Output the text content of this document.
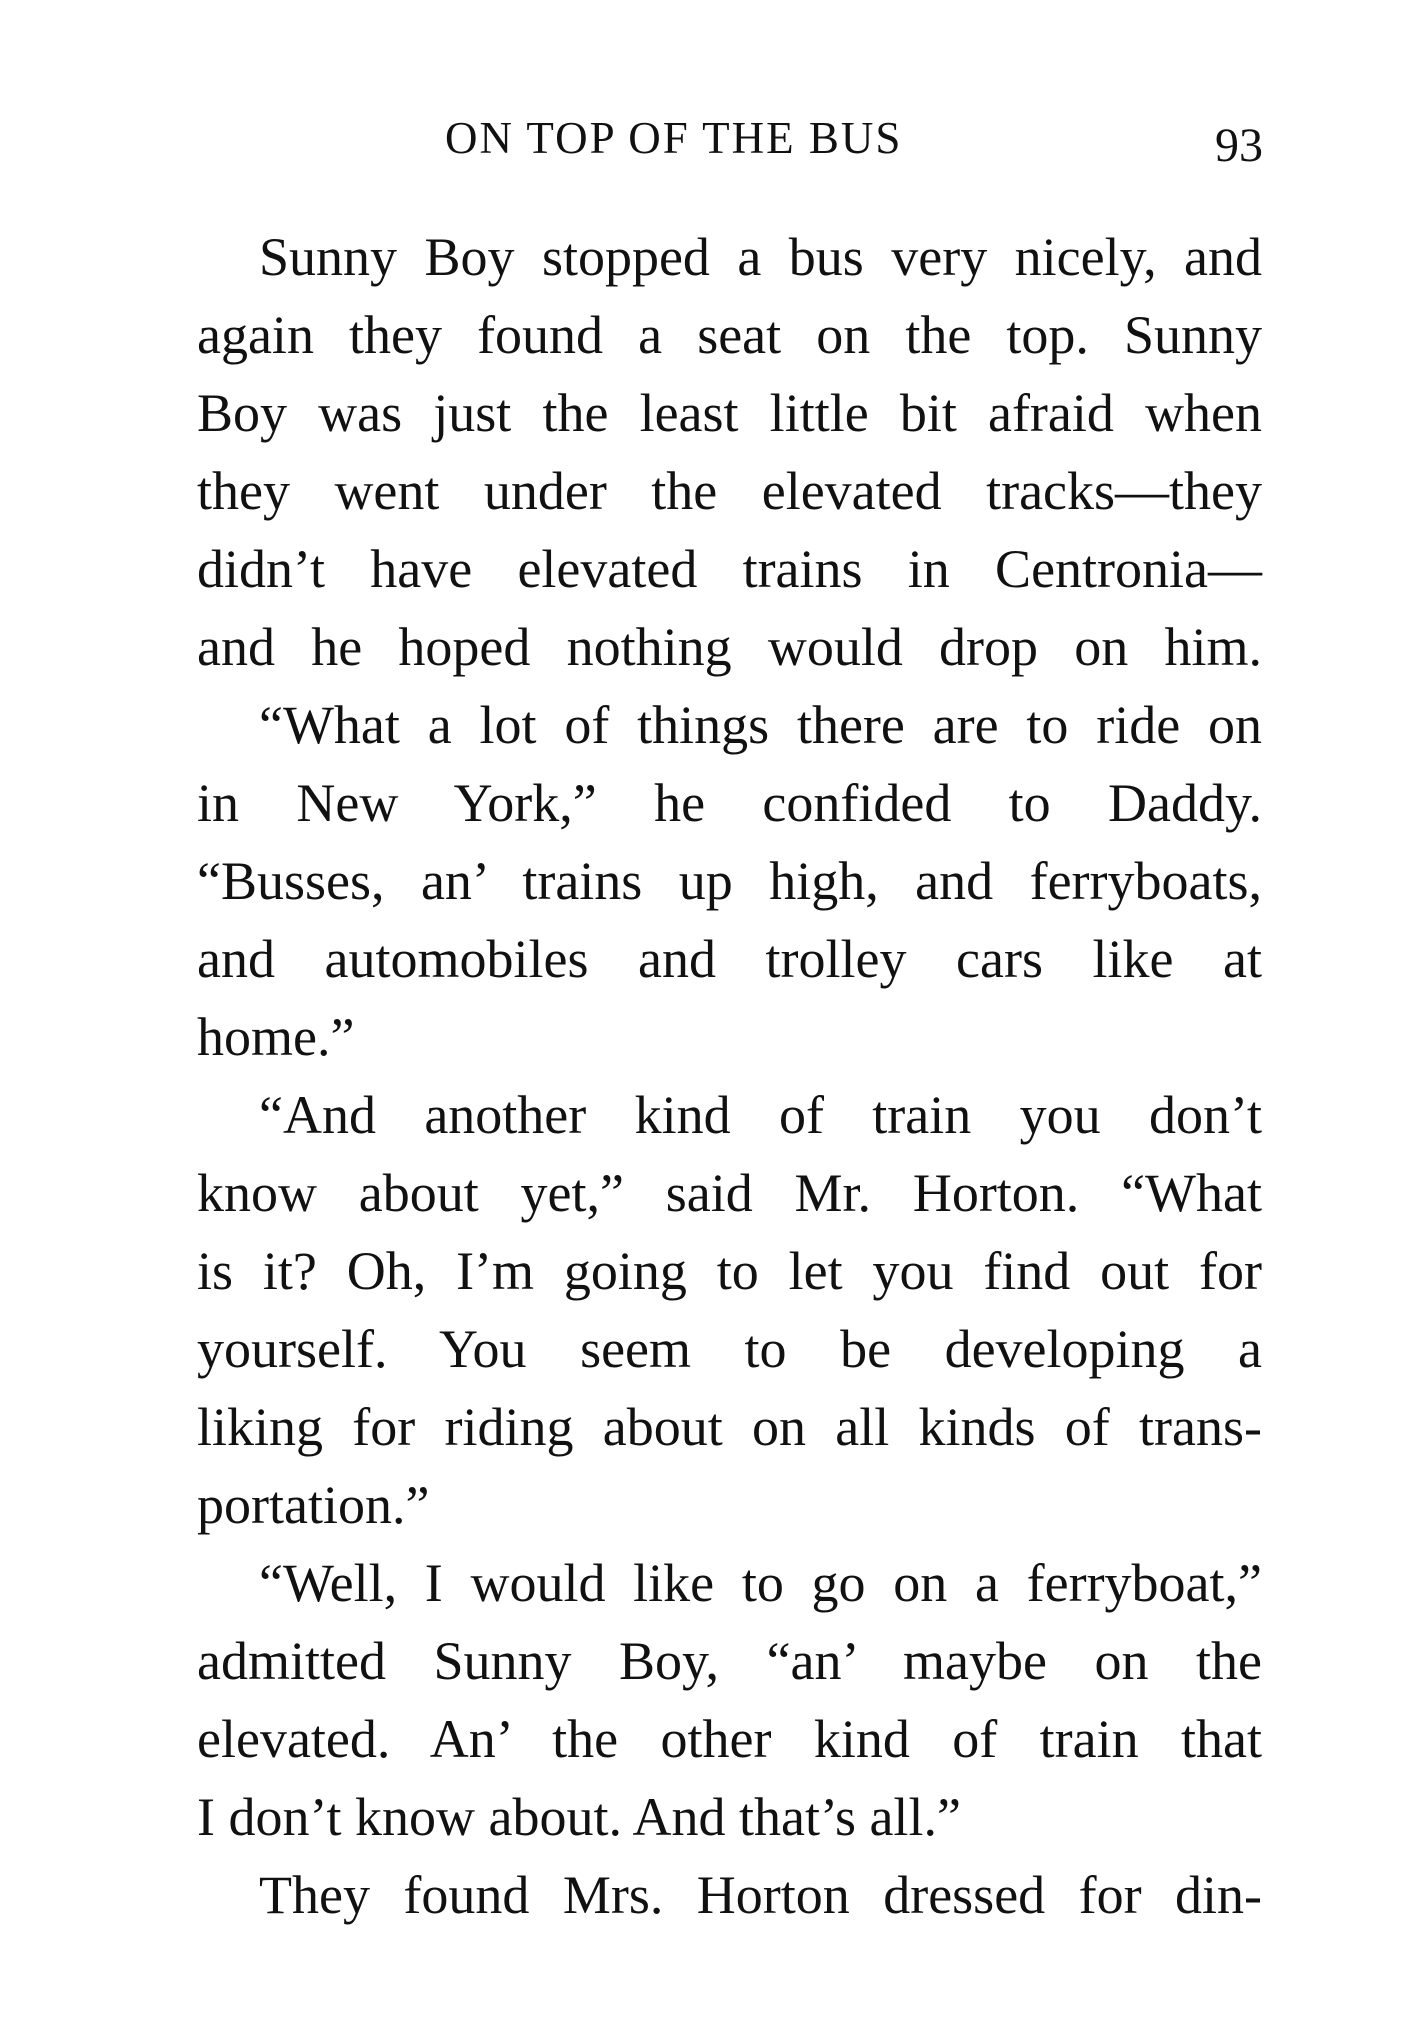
ON TOP OF THE BUS	93
Sunny Boy stopped a bus very nicely, and
again they found a seat on the top. Sunny
Boy was just the least little bit afraid when
they went under the elevated tracks—they
didn’t have elevated trains in Centronia—
and he hoped nothing would drop on him.
“What a lot of things there are to ride on
in New York,” he confided to Daddy.
“Busses, an’ trains up high, and ferryboats,
and automobiles and trolley cars like at
home.”
“And another kind of train you don’t
know about yet,” said Mr. Horton. “What
is it? Oh, I’m going to let you find out for
yourself. You seem to be developing a
liking for riding about on all kinds of trans-
portation.”
“Well, I would like to go on a ferryboat,”
admitted Sunny Boy, “an’ maybe on the
elevated. An’ the other kind of train that
I don’t know about. And that’s all.”
They found Mrs. Horton dressed for din-
